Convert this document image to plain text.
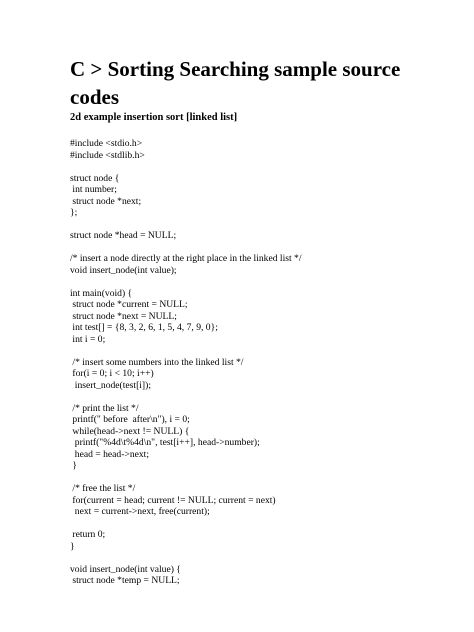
C > Sorting Searching sample source codes
2d example insertion sort [linked list]
#include <stdio.h>
#include <stdlib.h>
struct node {
int number;
struct node *next;
};
struct node *head = NULL;
/* insert a node directly at the right place in the linked list */
void insert_node(int value);
int main(void) {
struct node *current = NULL;
struct node *next = NULL;
int test[] = {8, 3, 2, 6, 1, 5, 4, 7, 9, 0};
int i = 0;
/* insert some numbers into the linked list */
for(i = 0; i < 10; i++)
insert_node(test[i]);
/* print the list */
printf(" before  after\n"), i = 0;
while(head->next != NULL) {
printf("%4d\t%4d\n", test[i++], head->number);
head = head->next;
}
/* free the list */
for(current = head; current != NULL; current = next)
next = current->next, free(current);
return 0;
}
void insert_node(int value) {
struct node *temp = NULL;
